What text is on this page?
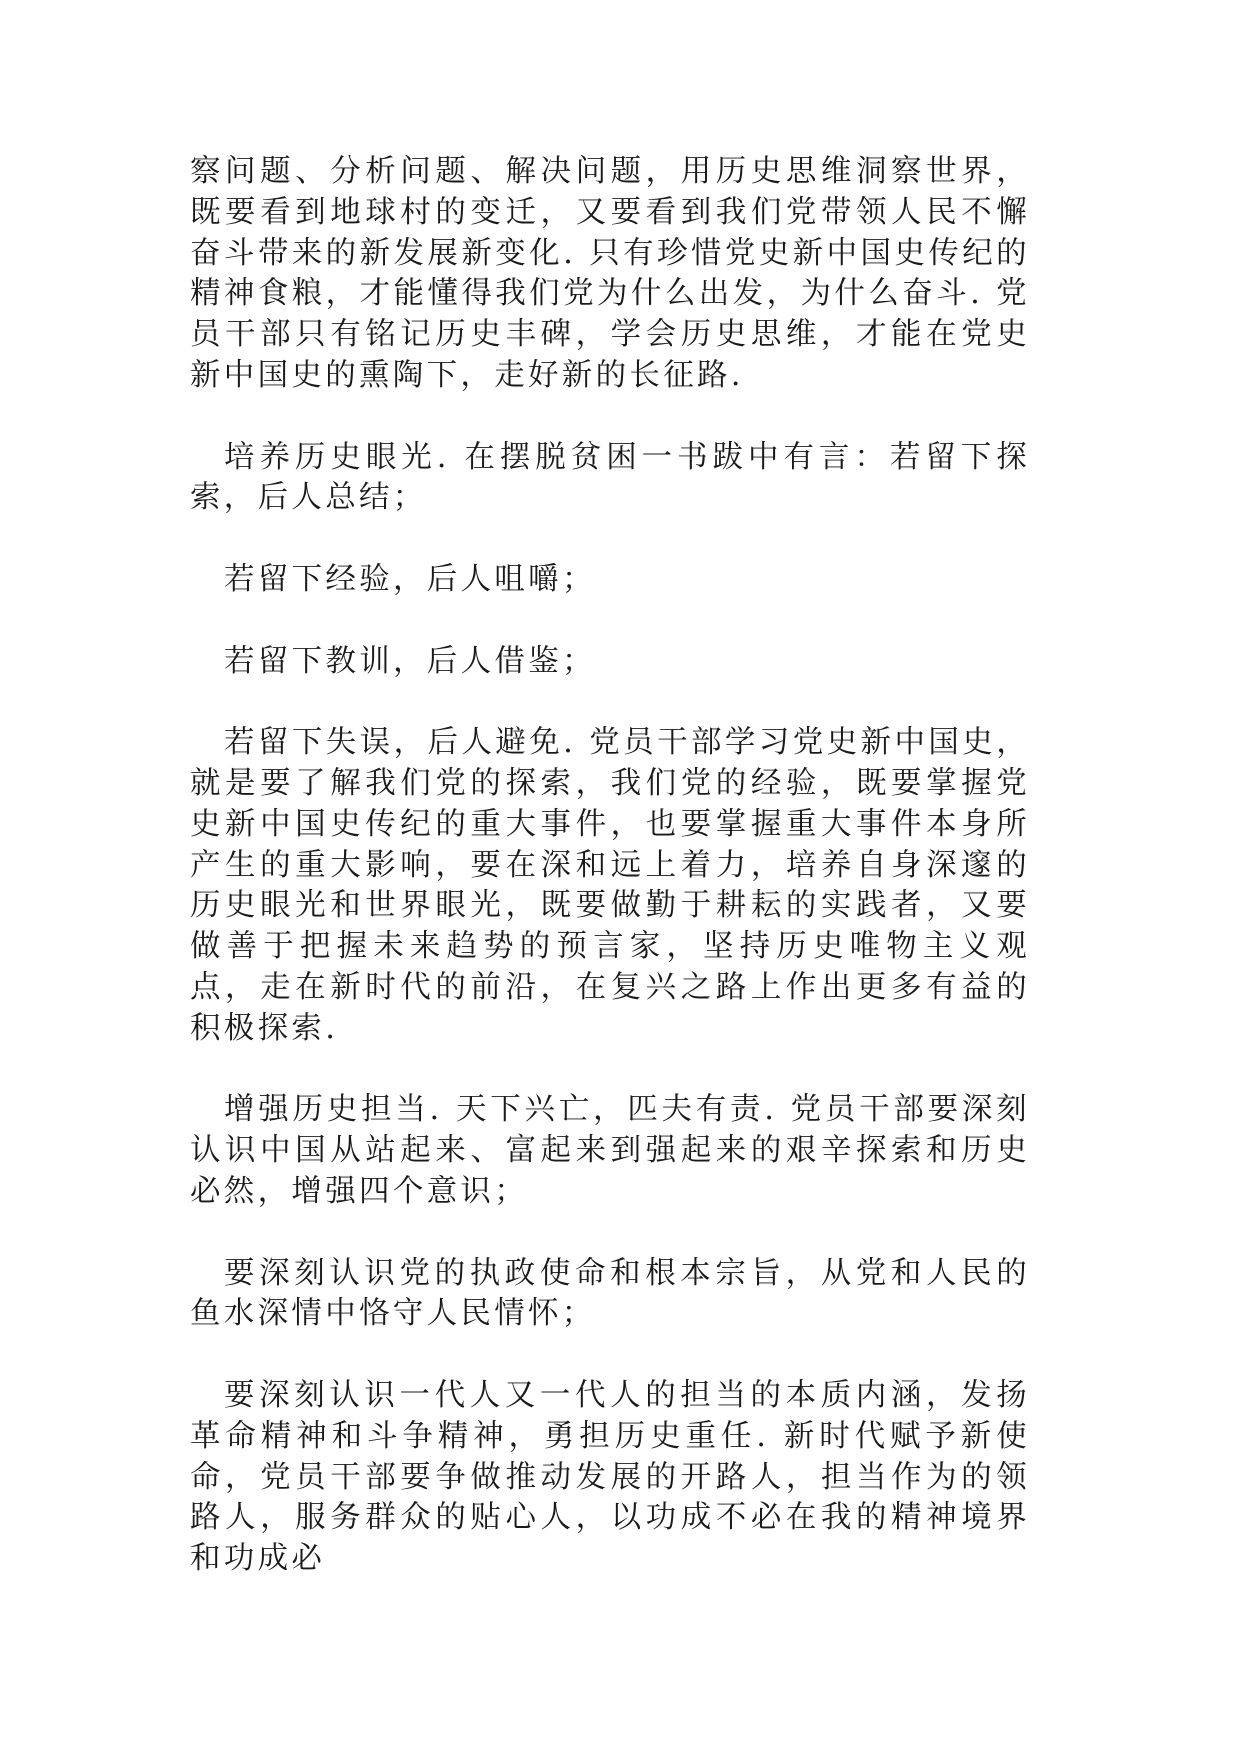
察问题、分析问题、解决问题，用历史思维洞察世界，既要看到地球村的变迁，又要看到我们党带领人民不懈奋斗带来的新发展新变化. 只有珍惜党史新中国史传纪的精神食粮，才能懂得我们党为什么出发，为什么奋斗. 党员干部只有铭记历史丰碑，学会历史思维，才能在党史新中国史的熏陶下，走好新的长征路.

培养历史眼光. 在摆脱贫困一书跋中有言：若留下探索，后人总结；

若留下经验，后人咀嚼；

若留下教训，后人借鉴；

若留下失误，后人避免. 党员干部学习党史新中国史，就是要了解我们党的探索，我们党的经验，既要掌握党史新中国史传纪的重大事件，也要掌握重大事件本身所产生的重大影响，要在深和远上着力，培养自身深邃的历史眼光和世界眼光，既要做勤于耕耘的实践者，又要做善于把握未来趋势的预言家，坚持历史唯物主义观点，走在新时代的前沿，在复兴之路上作出更多有益的积极探索.

增强历史担当. 天下兴亡，匹夫有责. 党员干部要深刻认识中国从站起来、富起来到强起来的艰辛探索和历史必然，增强四个意识；

要深刻认识党的执政使命和根本宗旨，从党和人民的鱼水深情中恪守人民情怀；

要深刻认识一代人又一代人的担当的本质内涵，发扬革命精神和斗争精神，勇担历史重任. 新时代赋予新使命，党员干部要争做推动发展的开路人，担当作为的领路人，服务群众的贴心人，以功成不必在我的精神境界和功成必
